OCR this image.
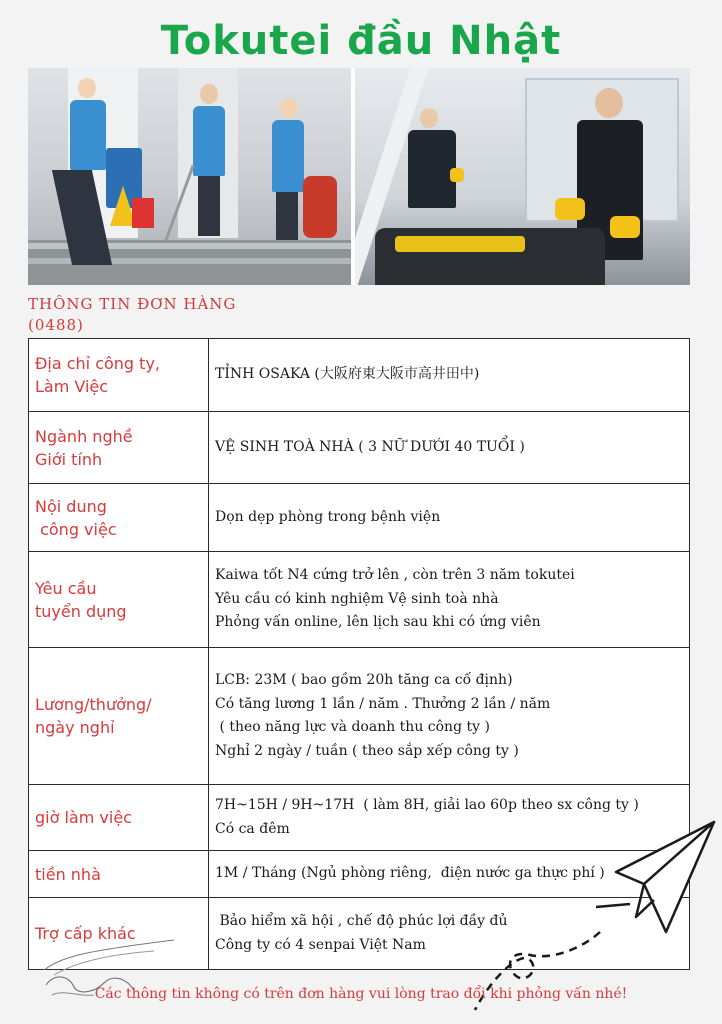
Tokutei đầu Nhật
THÔNG TIN ĐƠN HÀNG
(0488)
Địa chỉ công ty,
Làm Việc	TỈNH OSAKA (大阪府東大阪市高井田中)

Ngành nghề
Giới tính	VỆ SINH TOÀ NHÀ ( 3 NỮ DƯỚI 40 TUỔI )

Nội dung
công việc	Dọn dẹp phòng trong bệnh viện

Yêu cầu
tuyển dụng	Kaiwa tốt N4 cứng trở lên , còn trên 3 năm tokutei
Yêu cầu có kinh nghiệm Vệ sinh toà nhà
Phỏng vấn online, lên lịch sau khi có ứng viên

Lương/thưởng/
ngày nghỉ	LCB: 23M ( bao gồm 20h tăng ca cố định)
Có tăng lương 1 lần / năm . Thưởng 2 lần / năm
( theo năng lực và doanh thu công ty )
Nghỉ 2 ngày / tuần ( theo sắp xếp công ty )

giờ làm việc	7H~15H / 9H~17H  ( làm 8H, giải lao 60p theo sx công ty )
Có ca đêm

tiền nhà	1M / Tháng (Ngủ phòng riêng,  điện nước ga thực phí )

Trợ cấp khác	Bảo hiểm xã hội , chế độ phúc lợi đầy đủ
Công ty có 4 senpai Việt Nam
Các thông tin không có trên đơn hàng vui lòng trao đổi khi phỏng vấn nhé!
